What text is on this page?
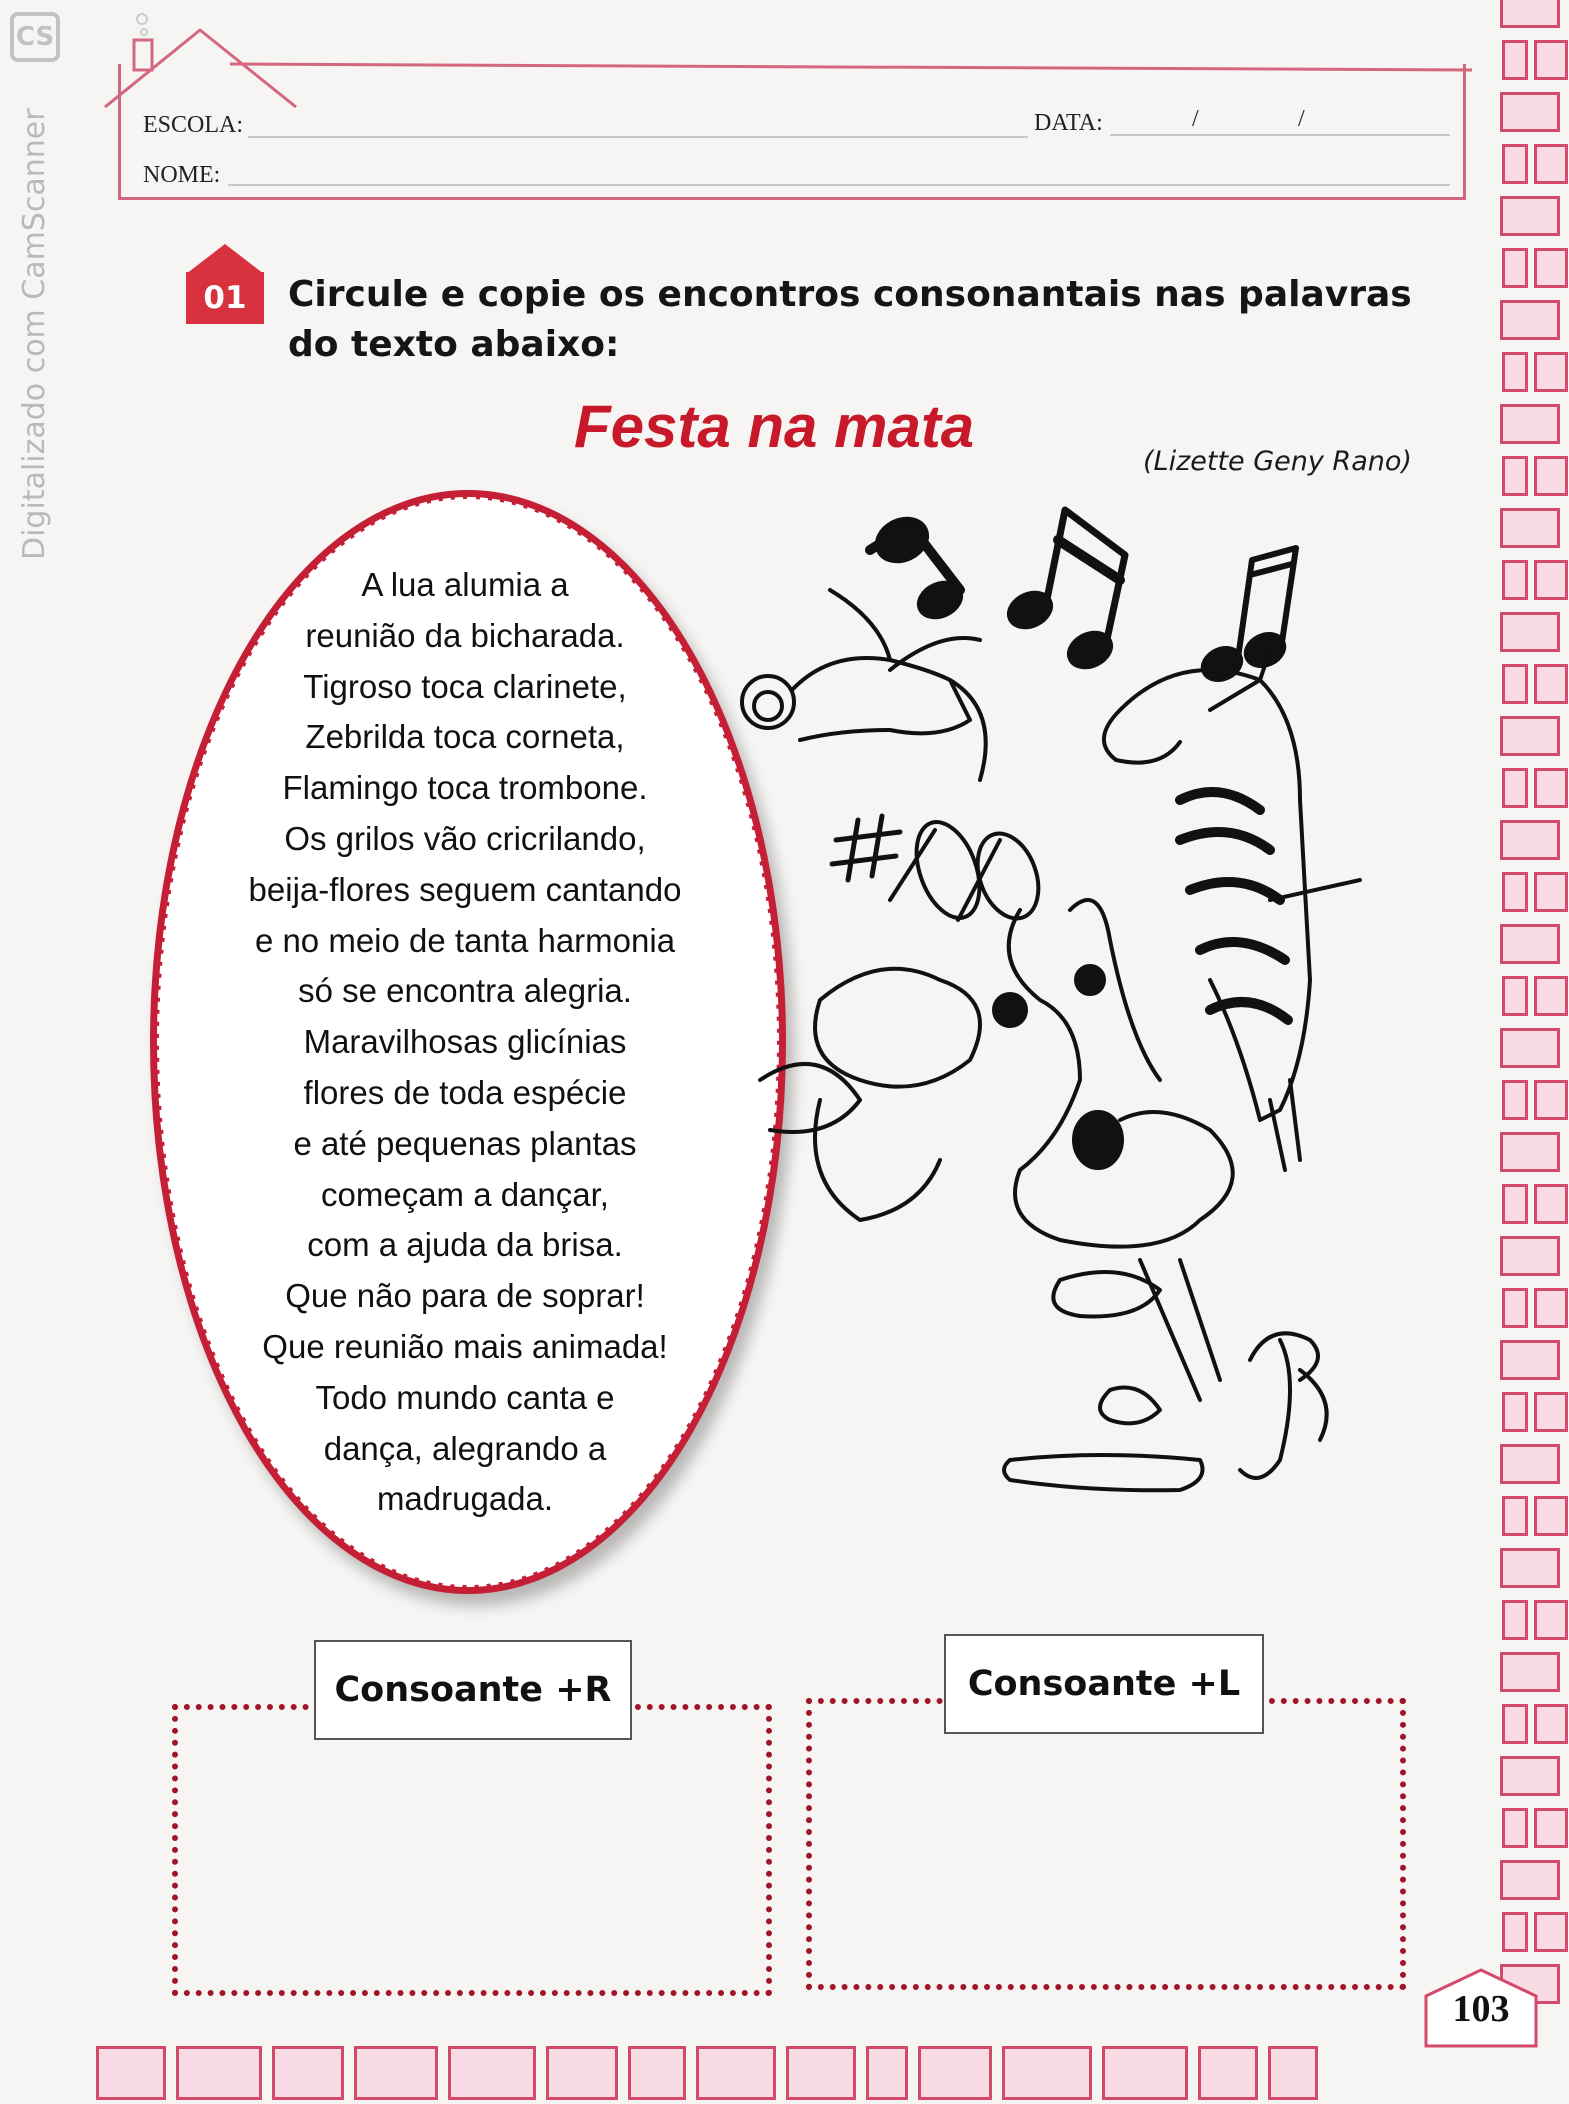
CS
Digitalizado com CamScanner	ESCOLA:	DATA:	/	/
NOME:
01	Circule e copie os encontros consonantais nas palavras do texto abaixo:
Festa na mata
(Lizette Geny Rano)
A lua alumia a
reunião da bicharada.
Tigroso toca clarinete,
Zebrilda toca corneta,
Flamingo toca trombone.
Os grilos vão cricrilando,
beija-flores seguem cantando
e no meio de tanta harmonia
só se encontra alegria.
Maravilhosas glicínias
flores de toda espécie
e até pequenas plantas
começam a dançar,
com a ajuda da brisa.
Que não para de soprar!
Que reunião mais animada!
Todo mundo canta e
dança, alegrando a
madrugada.
Consoante +R	Consoante +L
103
